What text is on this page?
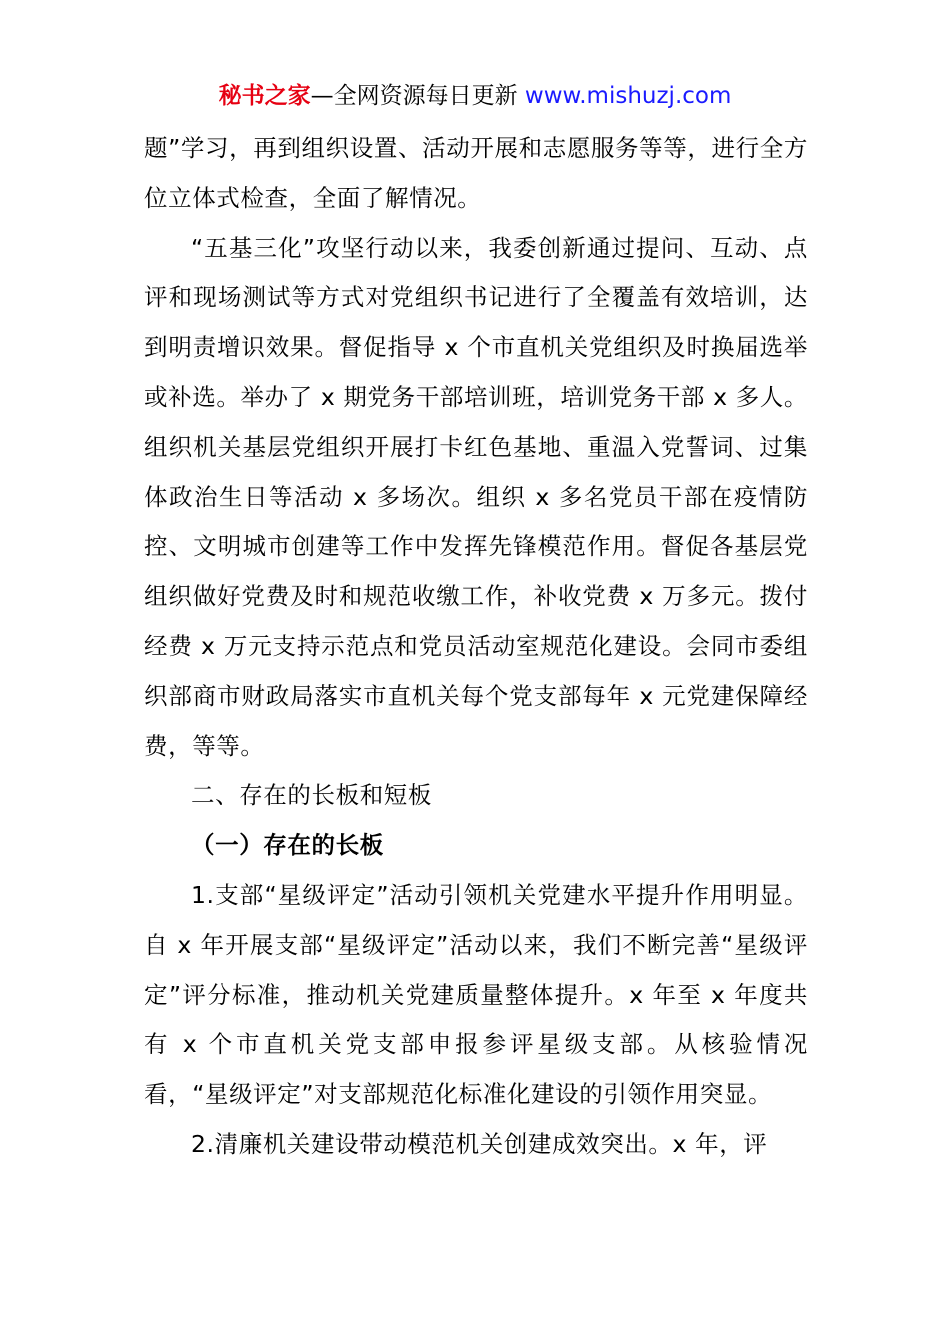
秘书之家—全网资源每日更新 www.mishuzj.com

题”学习，再到组织设置、活动开展和志愿服务等等，进行全方位立体式检查，全面了解情况。

“五基三化”攻坚行动以来，我委创新通过提问、互动、点评和现场测试等方式对党组织书记进行了全覆盖有效培训，达到明责增识效果。督促指导 x 个市直机关党组织及时换届选举或补选。举办了 x 期党务干部培训班，培训党务干部 x 多人。组织机关基层党组织开展打卡红色基地、重温入党誓词、过集体政治生日等活动 x 多场次。组织 x 多名党员干部在疫情防控、文明城市创建等工作中发挥先锋模范作用。督促各基层党组织做好党费及时和规范收缴工作，补收党费 x 万多元。拨付经费 x 万元支持示范点和党员活动室规范化建设。会同市委组织部商市财政局落实市直机关每个党支部每年 x 元党建保障经费，等等。

二、存在的长板和短板

（一）存在的长板

1.支部“星级评定”活动引领机关党建水平提升作用明显。自 x 年开展支部“星级评定”活动以来，我们不断完善“星级评定”评分标准，推动机关党建质量整体提升。x 年至 x 年度共有 x 个市直机关党支部申报参评星级支部。从核验情况看，“星级评定”对支部规范化标准化建设的引领作用突显。

2.清廉机关建设带动模范机关创建成效突出。x 年，评
